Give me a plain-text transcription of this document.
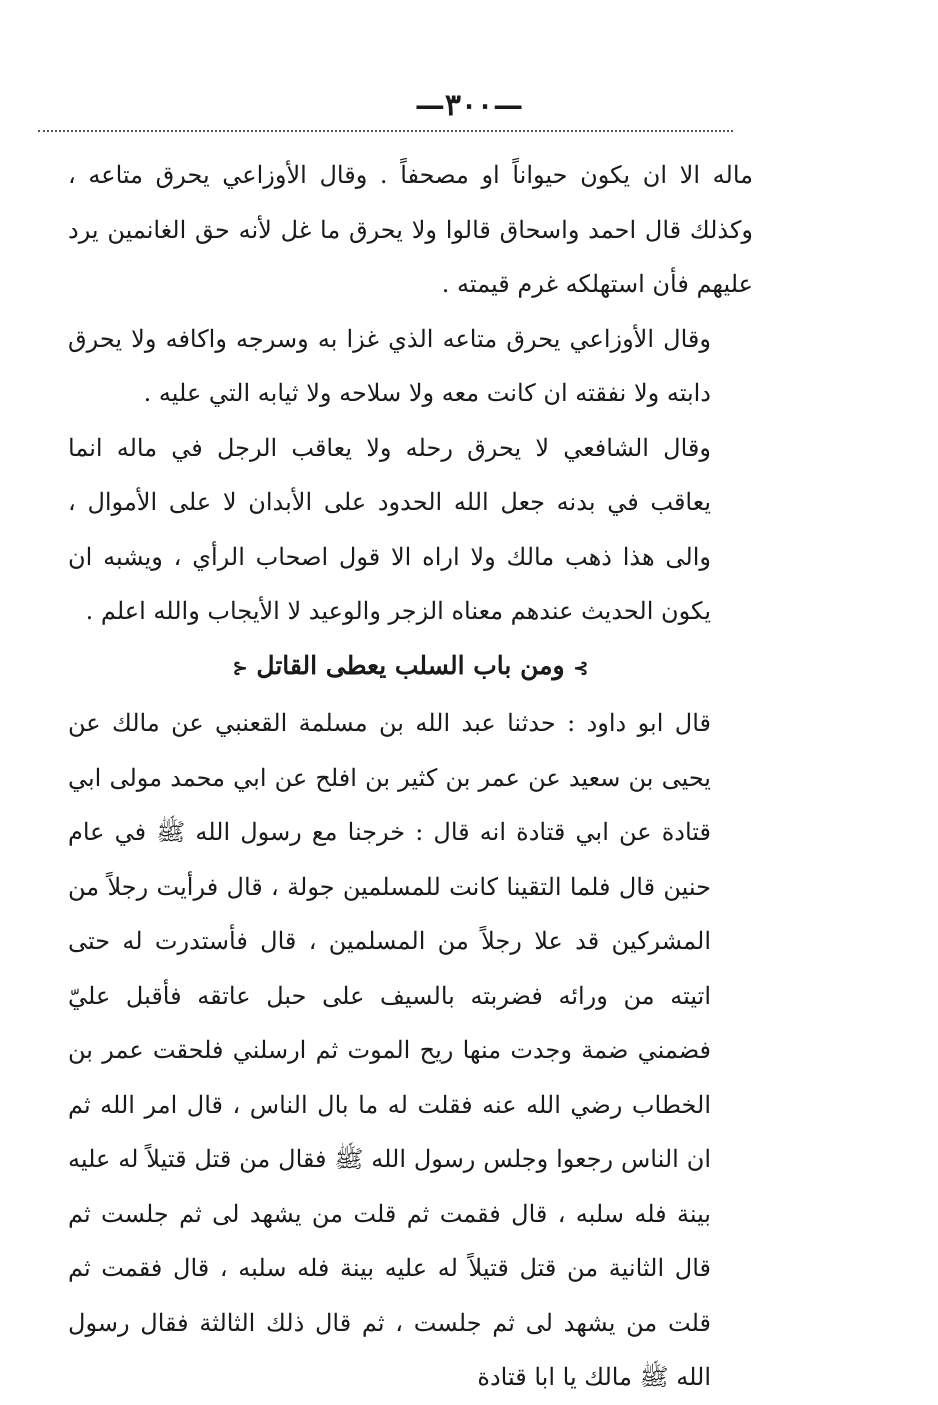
—٣٠٠—

ماله الا ان يكون حيواناً او مصحفاً . وقال الأوزاعي يحرق متاعه ، وكذلك قال احمد واسحاق قالوا ولا يحرق ما غل لأنه حق الغانمين يرد عليهم فأن استهلكه غرم قيمته .

وقال الأوزاعي يحرق متاعه الذي غزا به وسرجه واكافه ولا يحرق دابته ولا نفقته ان كانت معه ولا سلاحه ولا ثيابه التي عليه .

وقال الشافعي لا يحرق رحله ولا يعاقب الرجل في ماله انما يعاقب في بدنه جعل الله الحدود على الأبدان لا على الأموال ، والى هذا ذهب مالك ولا اراه الا قول اصحاب الرأي ، ويشبه ان يكون الحديث عندهم معناه الزجر والوعيد لا الأيجاب والله اعلم .

⊱ ومن باب السلب يعطى القاتل ⊰

قال ابو داود : حدثنا عبد الله بن مسلمة القعنبي عن مالك عن يحيى بن سعيد عن عمر بن كثير بن افلح عن ابي محمد مولى ابي قتادة عن ابي قتادة انه قال : خرجنا مع رسول الله ﷺ في عام حنين قال فلما التقينا كانت للمسلمين جولة ، قال فرأيت رجلاً من المشركين قد علا رجلاً من المسلمين ، قال فأستدرت له حتى اتيته من ورائه فضربته بالسيف على حبل عاتقه فأقبل عليّ فضمني ضمة وجدت منها ريح الموت ثم ارسلني فلحقت عمر بن الخطاب رضي الله عنه فقلت له ما بال الناس ، قال امر الله ثم ان الناس رجعوا وجلس رسول الله ﷺ فقال من قتل قتيلاً له عليه بينة فله سلبه ، قال فقمت ثم قلت من يشهد لى ثم جلست ثم قال الثانية من قتل قتيلاً له عليه بينة فله سلبه ، قال فقمت ثم قلت من يشهد لى ثم جلست ، ثم قال ذلك الثالثة فقال رسول الله ﷺ مالك يا ابا قتادة
